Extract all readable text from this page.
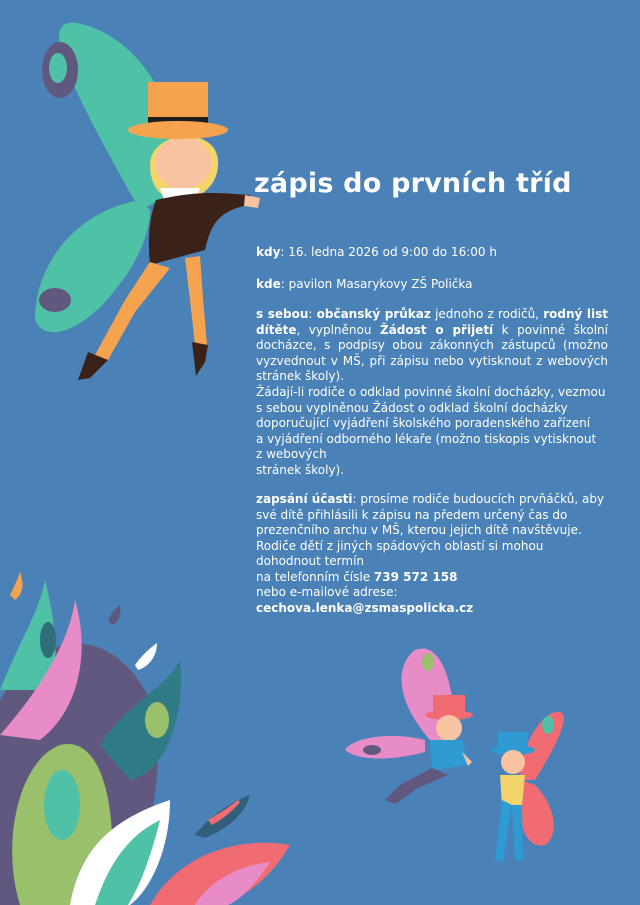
zápis do prvních tříd

kdy: 16. ledna 2026 od 9:00 do 16:00 h

kde: pavilon Masarykovy ZŠ Polička

s sebou: občanský průkaz jednoho z rodičů, rodný list dítěte, vyplněnou Žádost o přijetí k povinné školní docházce, s podpisy obou zákonných zástupců (možno vyzvednout v MŠ, při zápisu nebo vytisknout z webových stránek školy).

Žádají-li rodiče o odklad povinné školní docházky, vezmou
s sebou vyplněnou Žádost o odklad školní docházky
doporučující vyjádření školského poradenského zařízení
a vyjádření odborného lékaře (možno tiskopis vytisknout
z webových
stránek školy).

zapsání účasti: prosíme rodiče budoucích prvňáčků, aby své dítě přihlásili k zápisu na předem určený čas do prezenčního archu v MŠ, kterou jejich dítě navštěvuje. Rodiče dětí z jiných spádových oblastí si mohou dohodnout termín
na telefonním čísle 739 572 158
nebo e-mailové adrese: cechova.lenka@zsmaspolicka.cz
